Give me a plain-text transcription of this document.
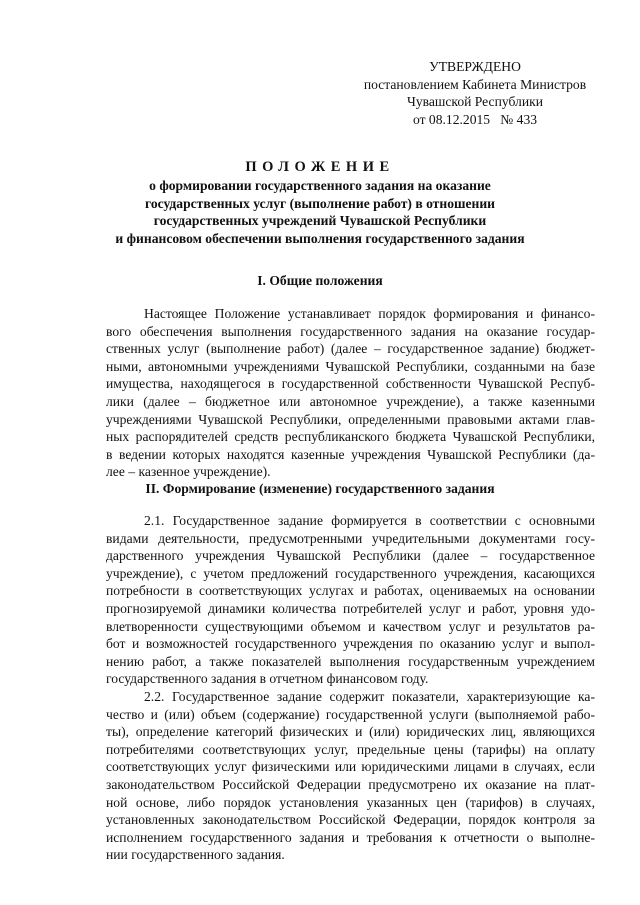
УТВЕРЖДЕНО
постановлением Кабинета Министров
Чувашской Республики
от 08.12.2015   № 433
ПОЛОЖЕНИЕ
о формировании государственного задания на оказание
государственных услуг (выполнение работ) в отношении
государственных учреждений Чувашской Республики
и финансовом обеспечении выполнения государственного задания
I. Общие положения
Настоящее Положение устанавливает порядок формирования и финансо-
вого обеспечения выполнения государственного задания на оказание государ-
ственных услуг (выполнение работ) (далее – государственное задание) бюджет-
ными, автономными учреждениями Чувашской Республики, созданными на базе
имущества, находящегося в государственной собственности Чувашской Респуб-
лики (далее – бюджетное или автономное учреждение), а также казенными
учреждениями Чувашской Республики, определенными правовыми актами глав-
ных распорядителей средств республиканского бюджета Чувашской Республики,
в ведении которых находятся казенные учреждения Чувашской Республики (да-
лее – казенное учреждение).
II. Формирование (изменение) государственного задания
2.1. Государственное задание формируется в соответствии с основными
видами деятельности, предусмотренными учредительными документами госу-
дарственного учреждения Чувашской Республики (далее – государственное
учреждение), с учетом предложений государственного учреждения, касающихся
потребности в соответствующих услугах и работах, оцениваемых на основании
прогнозируемой динамики количества потребителей услуг и работ, уровня удо-
влетворенности существующими объемом и качеством услуг и результатов ра-
бот и возможностей государственного учреждения по оказанию услуг и выпол-
нению работ, а также показателей выполнения государственным учреждением
государственного задания в отчетном финансовом году.
2.2. Государственное задание содержит показатели, характеризующие ка-
чество и (или) объем (содержание) государственной услуги (выполняемой рабо-
ты), определение категорий физических и (или) юридических лиц, являющихся
потребителями соответствующих услуг, предельные цены (тарифы) на оплату
соответствующих услуг физическими или юридическими лицами в случаях, если
законодательством Российской Федерации предусмотрено их оказание на плат-
ной основе, либо порядок установления указанных цен (тарифов) в случаях,
установленных законодательством Российской Федерации, порядок контроля за
исполнением государственного задания и требования к отчетности о выполне-
нии государственного задания.
